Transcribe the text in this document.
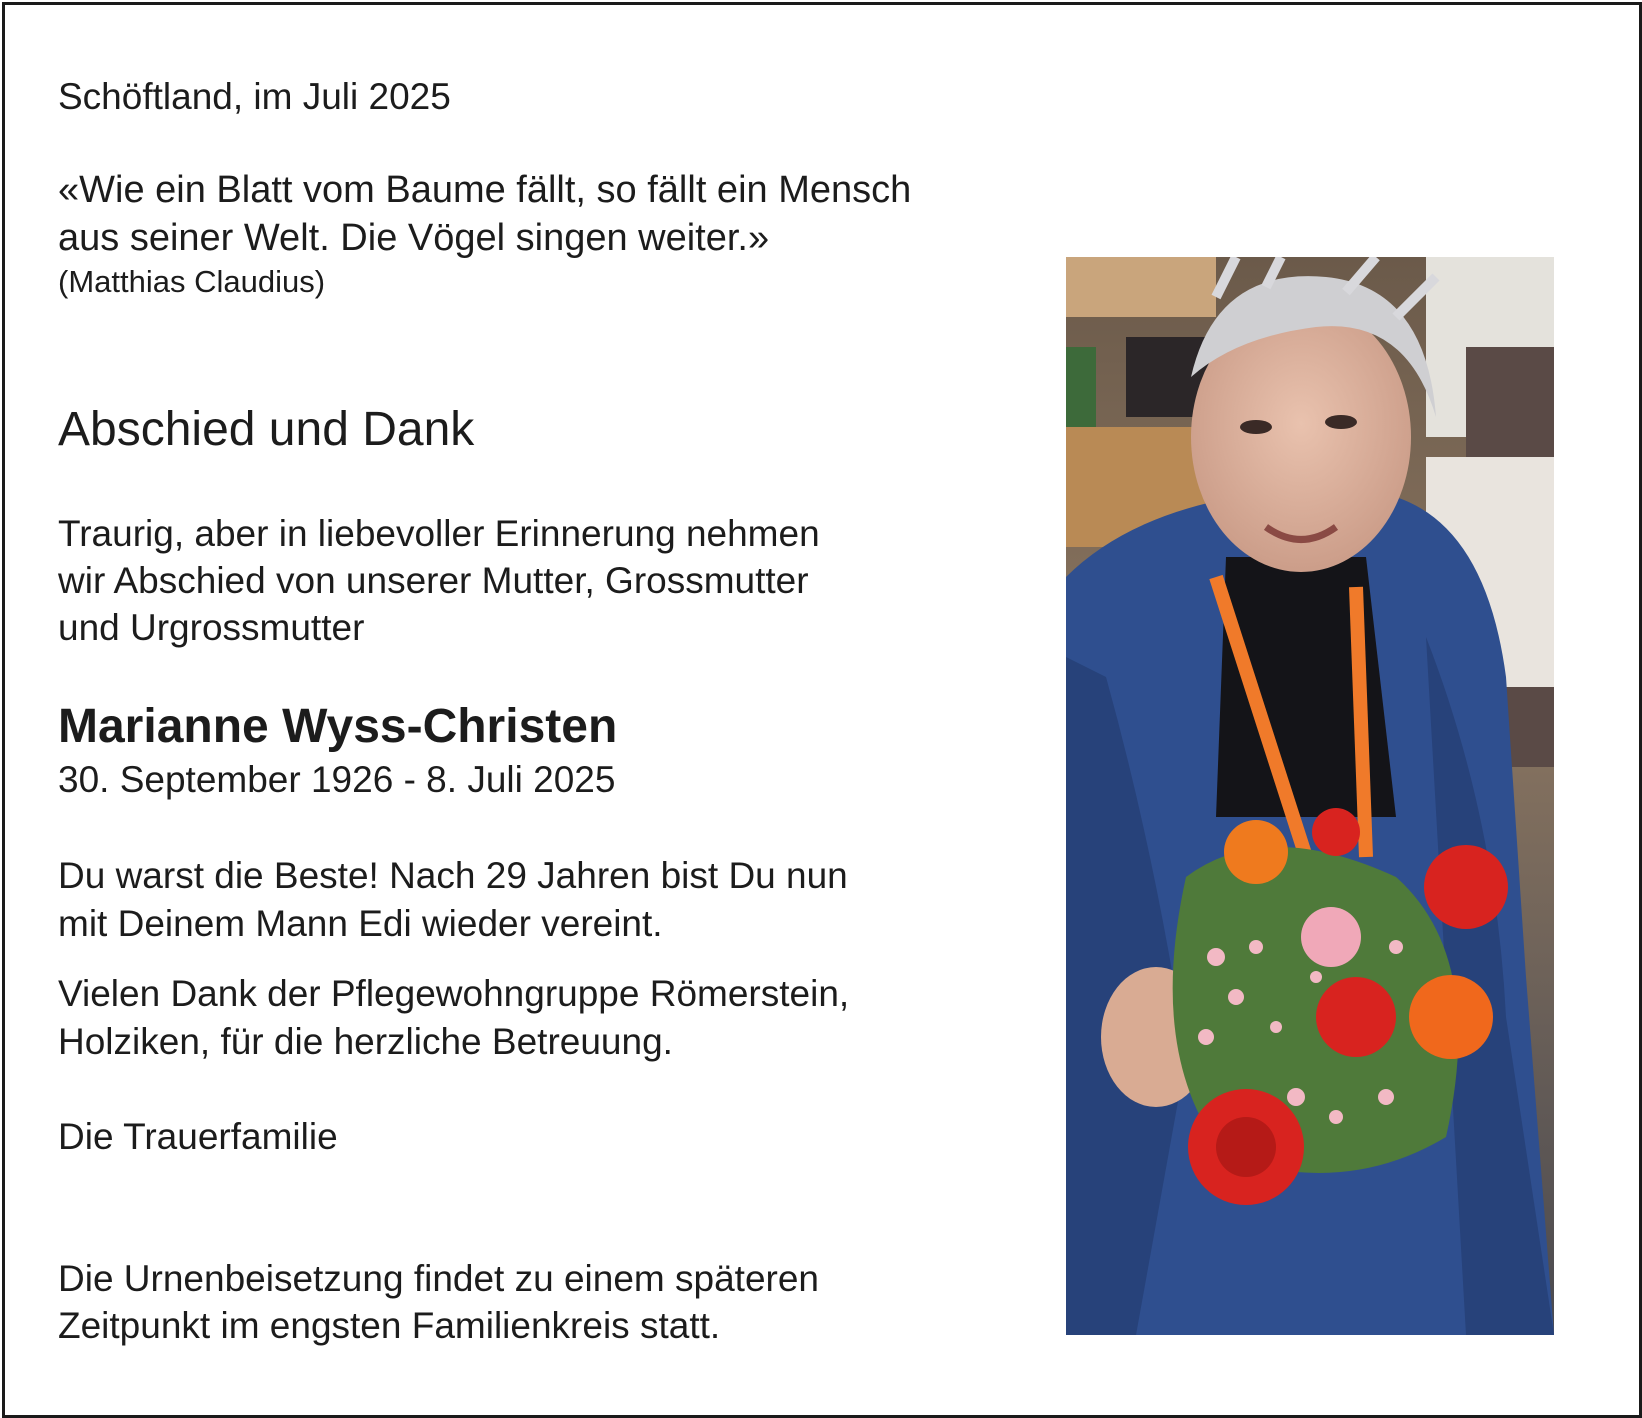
Schöftland, im Juli 2025

«Wie ein Blatt vom Baume fällt, so fällt ein Mensch
aus seiner Welt. Die Vögel singen weiter.»

(Matthias Claudius)

Abschied und Dank

Traurig, aber in liebevoller Erinnerung nehmen
wir Abschied von unserer Mutter, Grossmutter
und Urgrossmutter

Marianne Wyss-Christen

30. September 1926 - 8. Juli 2025

Du warst die Beste! Nach 29 Jahren bist Du nun
mit Deinem Mann Edi wieder vereint.

Vielen Dank der Pflegewohngruppe Römerstein,
Holziken, für die herzliche Betreuung.

Die Trauerfamilie

Die Urnenbeisetzung findet zu einem späteren
Zeitpunkt im engsten Familienkreis statt.
